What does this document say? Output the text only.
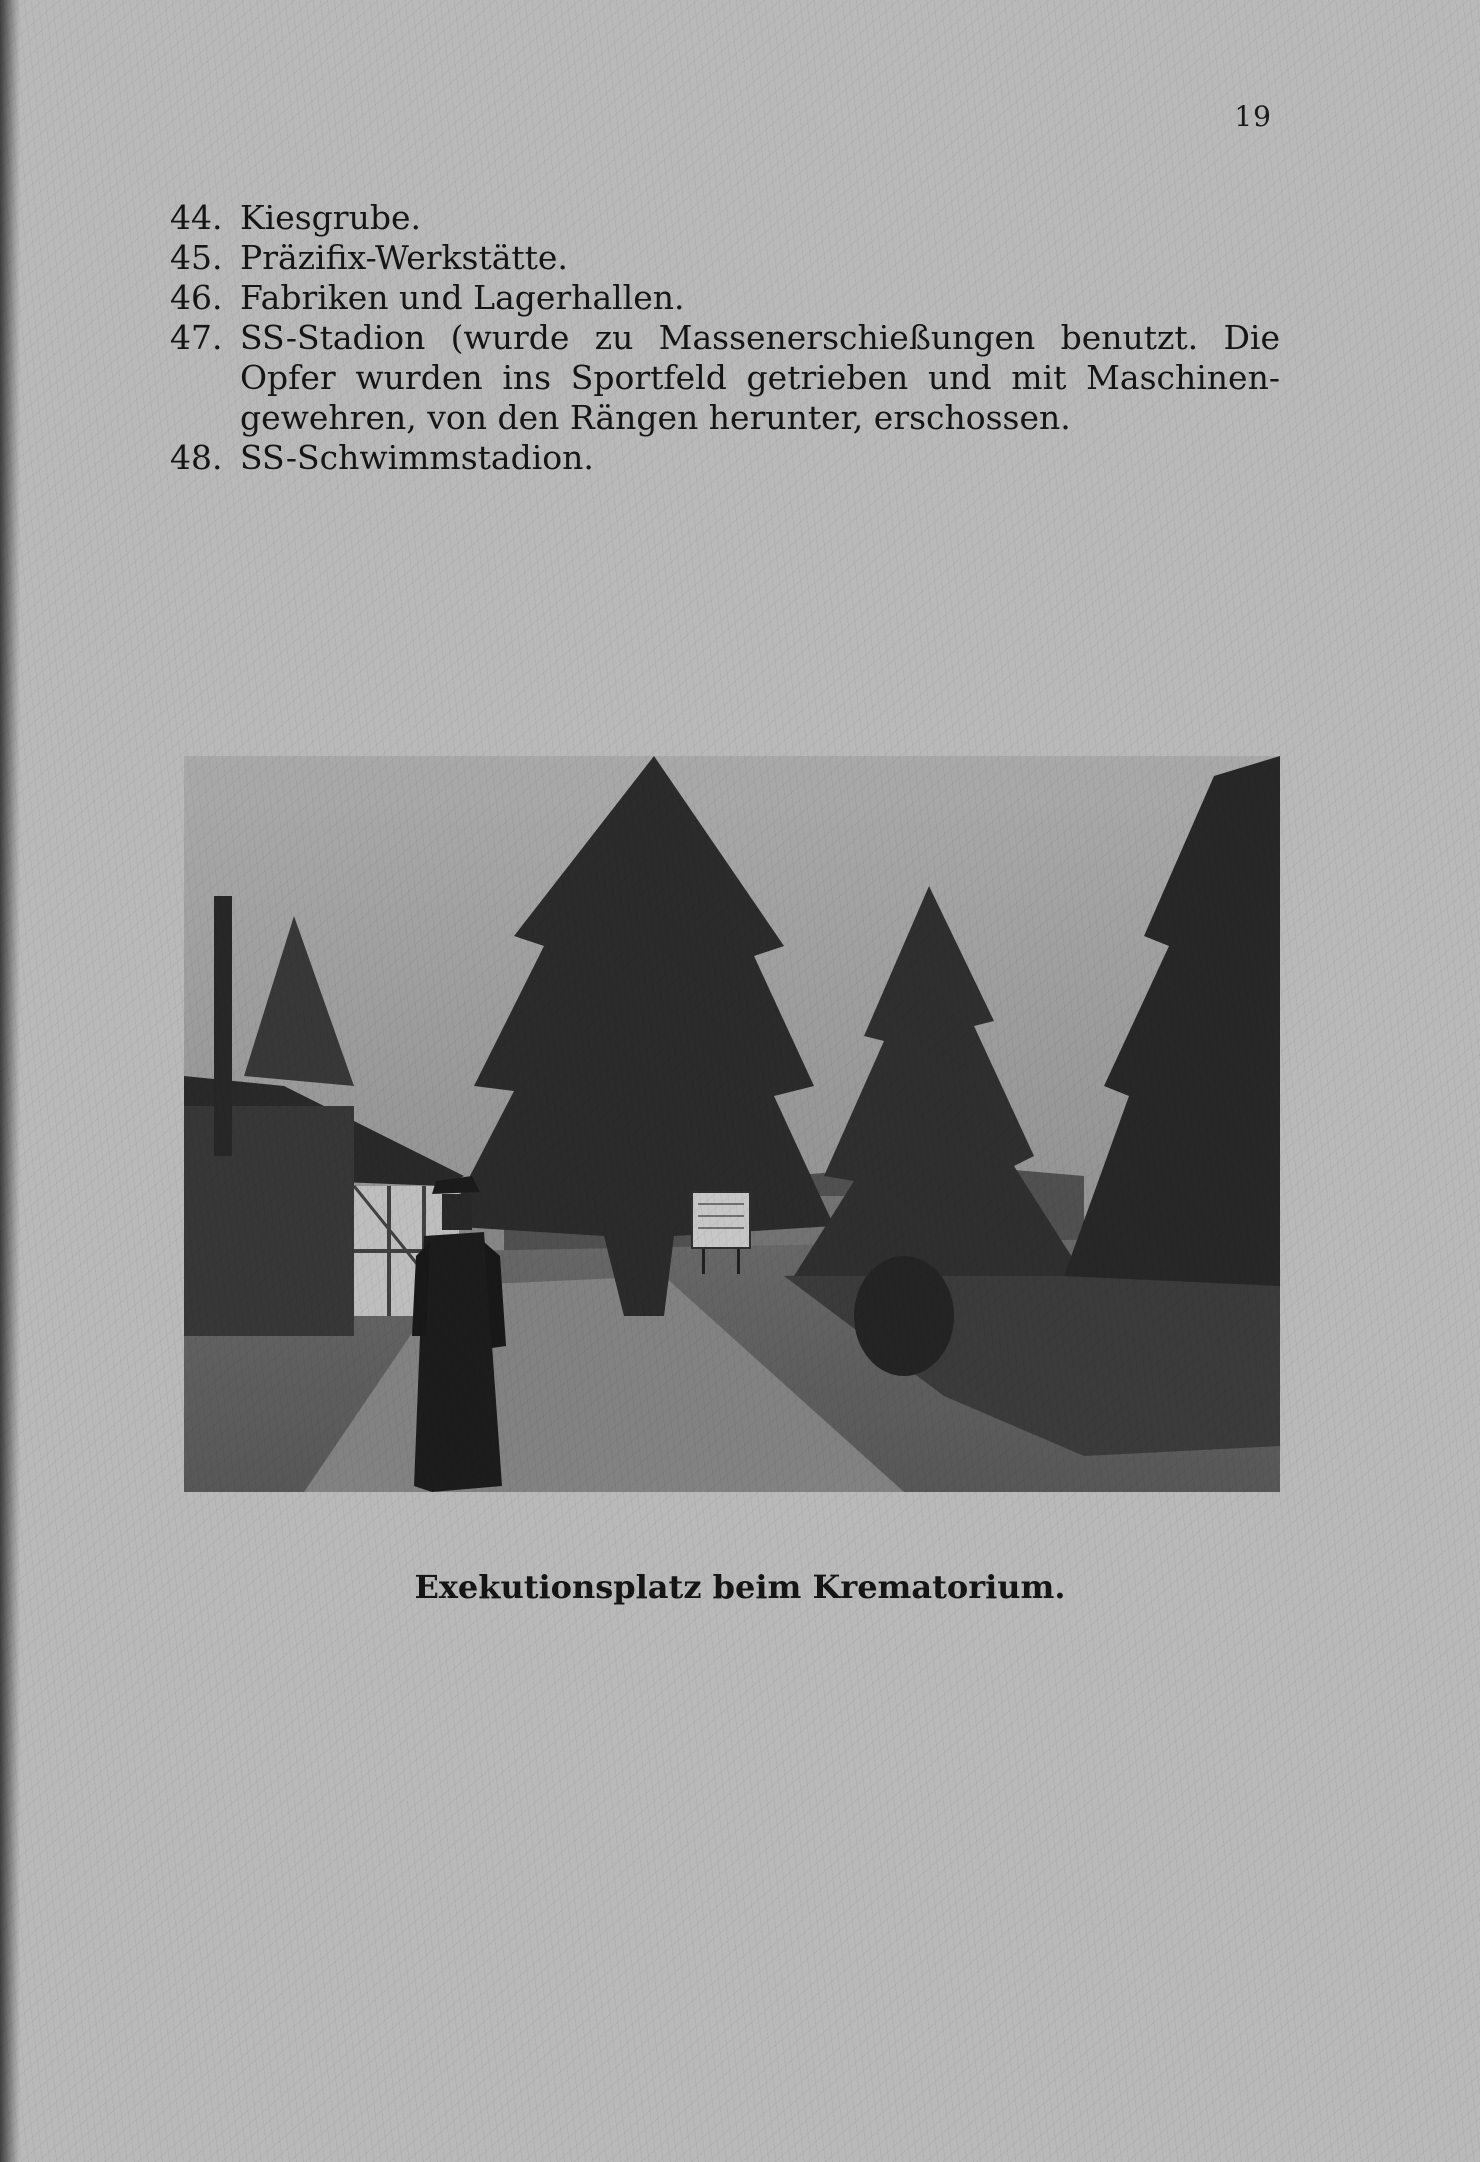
19
44. Kiesgrube.
45. Präzifix-Werkstätte.
46. Fabriken und Lagerhallen.
47. SS-Stadion (wurde zu Massenerschießungen benutzt. Die Opfer wurden ins Sportfeld getrieben und mit Maschinen-gewehren, von den Rängen herunter, erschossen.
48. SS-Schwimmstadion.
Exekutionsplatz beim Krematorium.
